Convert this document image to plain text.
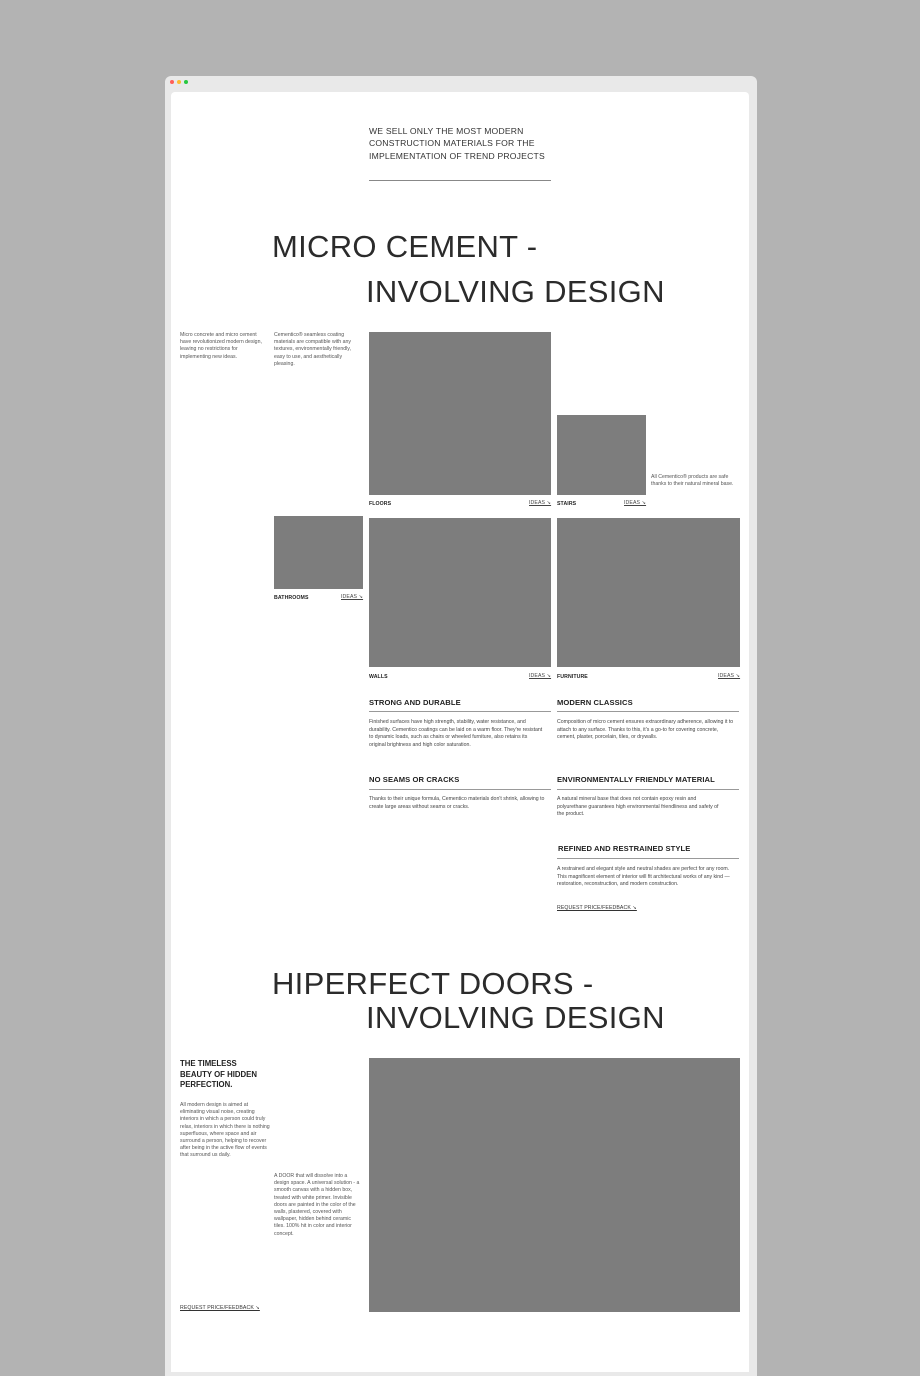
WE SELL ONLY THE MOST MODERN CONSTRUCTION MATERIALS FOR THE IMPLEMENTATION OF TREND PROJECTS
MICRO CEMENT -
INVOLVING DESIGN
Micro concrete and micro cement have revolutionized modern design, leaving no restrictions for implementing new ideas.
Cementico® seamless coating materials are compatible with any textures, environmentally friendly, easy to use, and aesthetically pleasing.
FLOORS	IDEAS ↘ STAIRS	IDEAS ↘
All Cementico® products are safe thanks to their natural mineral base.
BATHROOMS	IDEAS ↘
WALLS	IDEAS ↘ FURNITURE	IDEAS ↘
STRONG AND DURABLE
Finished surfaces have high strength, stability, water resistance, and durability. Cementico coatings can be laid on a warm floor. They're resistant to dynamic loads, such as chairs or wheeled furniture, also retains its original brightness and high color saturation.
MODERN CLASSICS
Composition of micro cement ensures extraordinary adherence, allowing it to attach to any surface. Thanks to this, it's a go-to for covering concrete, cement, plaster, porcelain, tiles, or drywalls.
NO SEAMS OR CRACKS
Thanks to their unique formula, Cementico materials don't shrink, allowing to create large areas without seams or cracks.
ENVIRONMENTALLY FRIENDLY MATERIAL
A natural mineral base that does not contain epoxy resin and polyurethane guarantees high environmental friendliness and safety of the product.
REFINED AND RESTRAINED STYLE
A restrained and elegant style and neutral shades are perfect for any room. This magnificent element of interior will fit architectural works of any kind — restoration, reconstruction, and modern construction.
REQUEST PRICE/FEEDBACK ↘
HIPERFECT DOORS -
INVOLVING DESIGN
THE TIMELESS BEAUTY OF HIDDEN PERFECTION.
All modern design is aimed at eliminating visual noise, creating interiors in which a person could truly relax, interiors in which there is nothing superfluous, where space and air surround a person, helping to recover after being in the active flow of events that surround us daily.
A DOOR that will dissolve into a design space. A universal solution - a smooth canvas with a hidden box, treated with white primer. Invisible doors are painted in the color of the walls, plastered, covered with wallpaper, hidden behind ceramic tiles. 100% hit in color and interior concept.
REQUEST PRICE/FEEDBACK ↘
